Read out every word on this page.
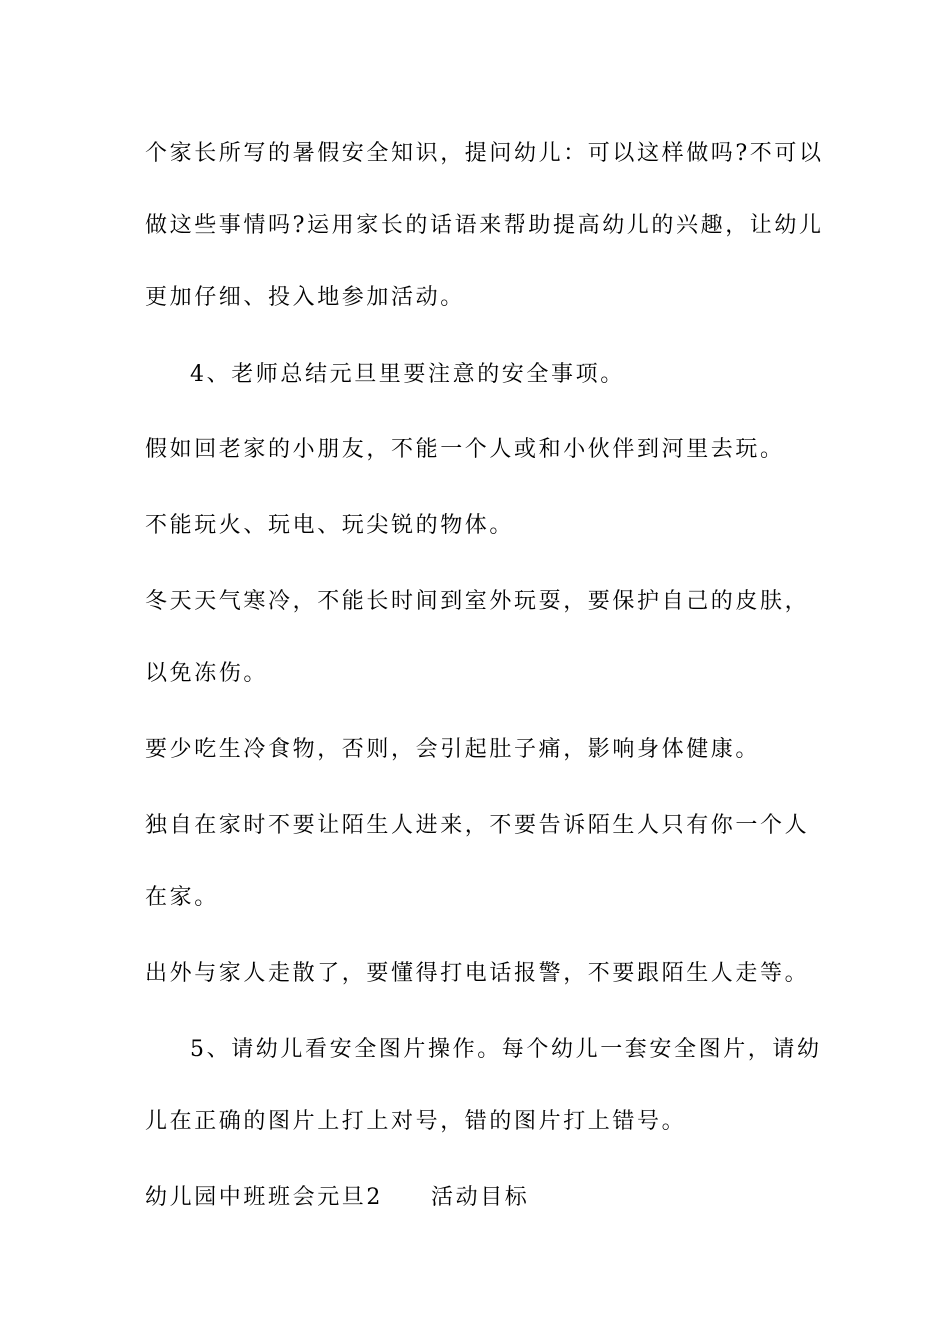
个家长所写的暑假安全知识，提问幼儿：可以这样做吗?不可以
做这些事情吗?运用家长的话语来帮助提高幼儿的兴趣，让幼儿
更加仔细、投入地参加活动。
4、老师总结元旦里要注意的安全事项。
假如回老家的小朋友，不能一个人或和小伙伴到河里去玩。
不能玩火、玩电、玩尖锐的物体。
冬天天气寒冷，不能长时间到室外玩耍，要保护自己的皮肤，
以免冻伤。
要少吃生冷食物，否则，会引起肚子痛，影响身体健康。
独自在家时不要让陌生人进来，不要告诉陌生人只有你一个人
在家。
出外与家人走散了，要懂得打电话报警，不要跟陌生人走等。
5、请幼儿看安全图片操作。每个幼儿一套安全图片，请幼
儿在正确的图片上打上对号，错的图片打上错号。
幼儿园中班班会元旦2 活动目标
